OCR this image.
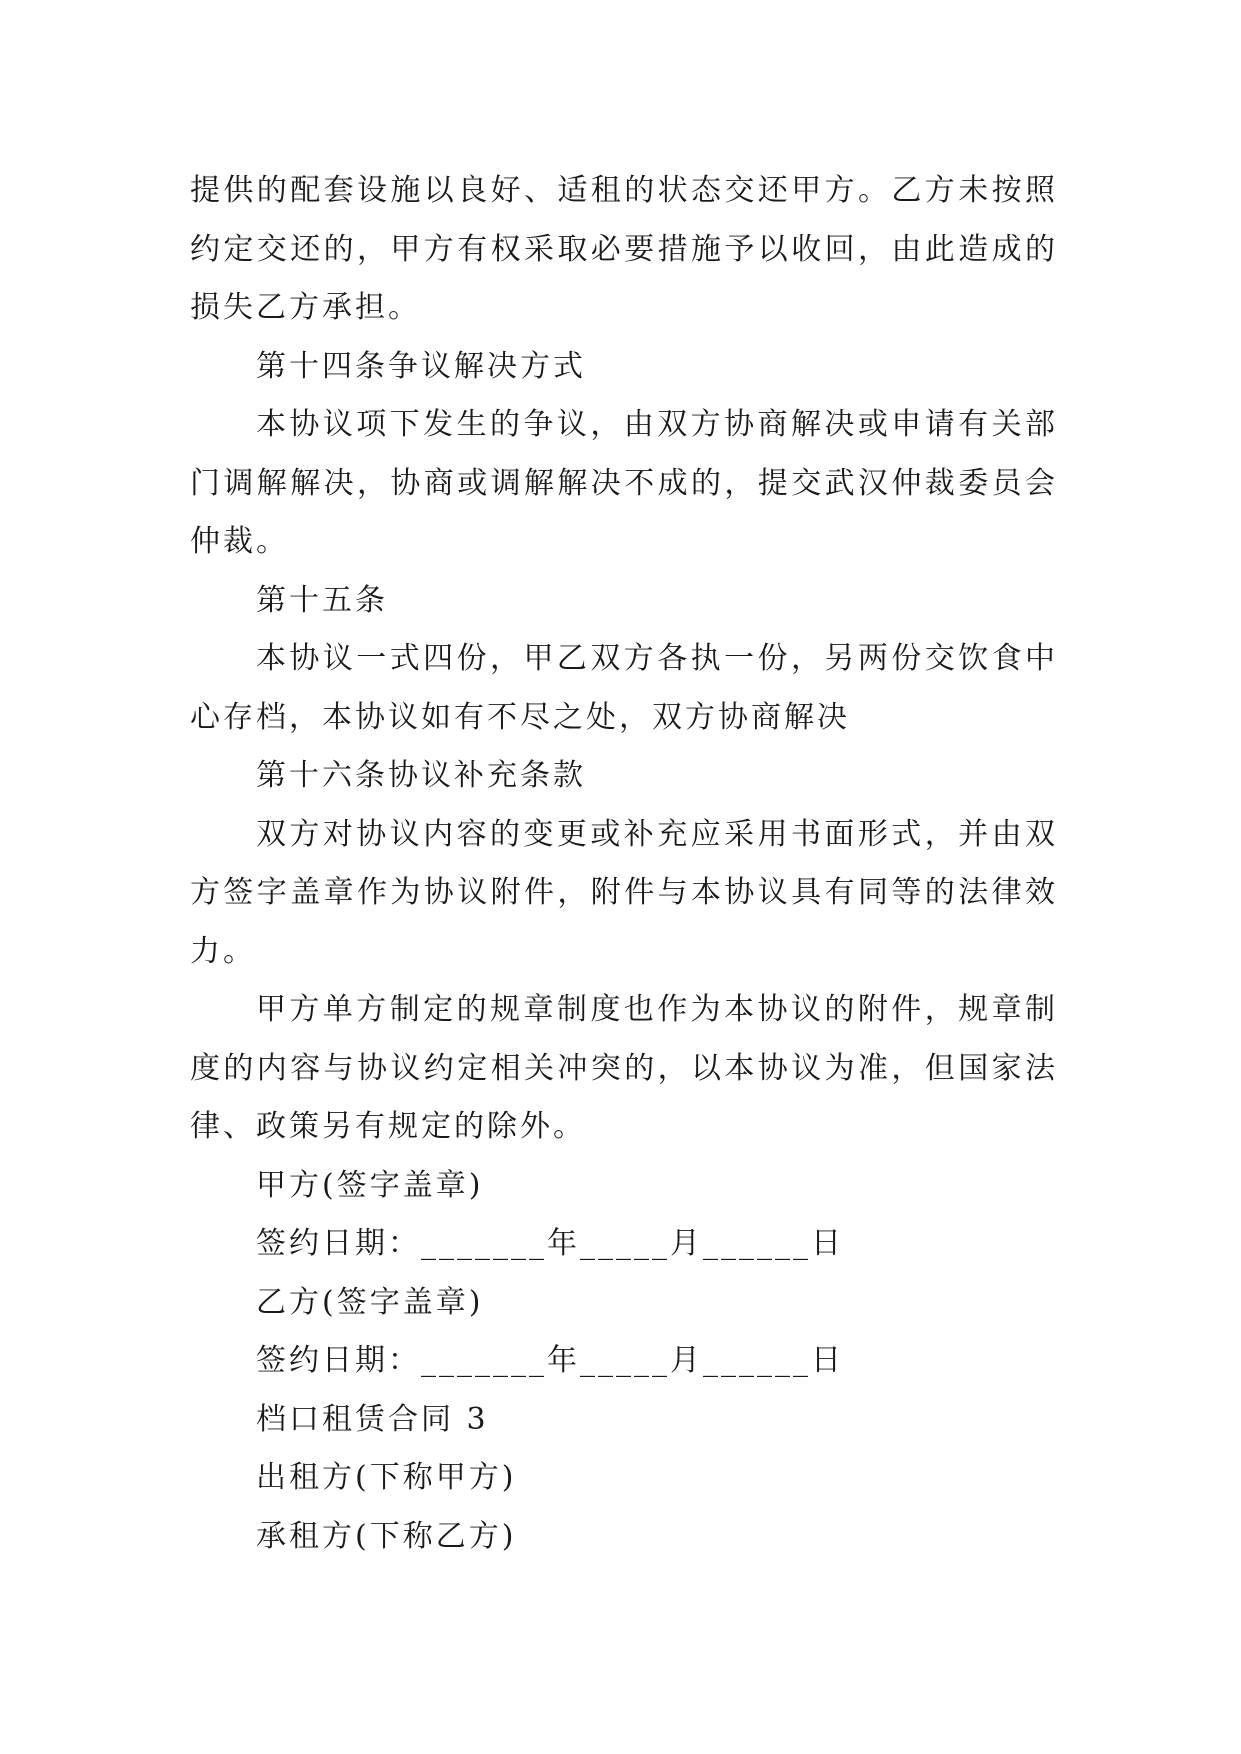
提供的配套设施以良好、适租的状态交还甲方。乙方未按照约定交还的，甲方有权采取必要措施予以收回，由此造成的损失乙方承担。

第十四条争议解决方式

本协议项下发生的争议，由双方协商解决或申请有关部门调解解决，协商或调解解决不成的，提交武汉仲裁委员会仲裁。

第十五条

本协议一式四份，甲乙双方各执一份，另两份交饮食中心存档，本协议如有不尽之处，双方协商解决

第十六条协议补充条款

双方对协议内容的变更或补充应采用书面形式，并由双方签字盖章作为协议附件，附件与本协议具有同等的法律效力。

甲方单方制定的规章制度也作为本协议的附件，规章制度的内容与协议约定相关冲突的，以本协议为准，但国家法律、政策另有规定的除外。

甲方(签字盖章)

签约日期：_______年_____月______日

乙方(签字盖章)

签约日期：_______年_____月______日

档口租赁合同 3

出租方(下称甲方)

承租方(下称乙方)
